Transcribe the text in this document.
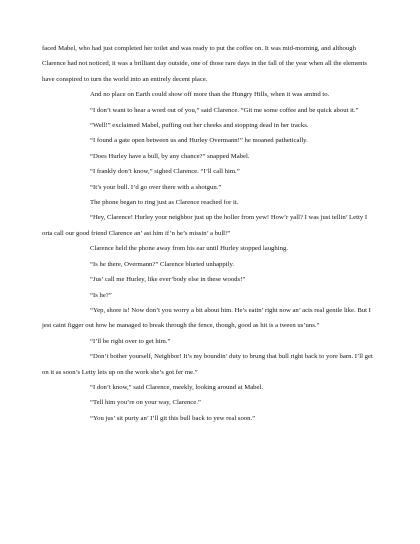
faced Mabel, who had just completed her toilet and was ready to put the coffee on. It was mid-morning, and although Clarence had not noticed, it was a brilliant day outside, one of those rare days in the fall of the year when all the elements have conspired to turn the world into an entirely decent place.

And no place on Earth could show off more than the Hungry Hills, when it was amind to.

“I don’t want to hear a word out of you,” said Clarence. “Git me some coffee and be quick about it.”

“Well!” exclaimed Mabel, puffing out her cheeks and stopping dead in her tracks.

“I found a gate open between us and Hurley Overmann!” he moaned pathetically.

“Does Hurley have a bull, by any chance?” snapped Mabel.

“I frankly don’t know,” sighed Clarence. “I’ll call him.”

“It’s your bull. I’d go over there with a shotgun.”

The phone began to ring just as Clarence reached for it.

“Hey, Clarence! Hurley your neighbor just up the holler from yew! How’r yall? I was just tellin’ Letty I orta call our good friend Clarence an’ ast him if’n he’s missin’ a bull!”

Clarence held the phone away from his ear until Hurley stopped laughing.

“Is he there, Overmann?” Clarence blurted unhappily.

“Jus’ call me Hurley, like ever’body else in these woods!”

“Is he?”

“Yep, shore is! Now don’t you worry a bit about him. He’s eatin’ right now an’ acts real gentle like. But I jest caint figger out how he managed to break through the fence, though, good as hit is a tween us’uns.”

“I’ll be right over to get him.”

“Don’t bother yourself, Neighbor! It’s my boundin’ duty to brung that bull right back to yore barn. I’ll get on it as soon’s Letty lets up on the work she’s got fer me.”

“I don’t know,” said Clarence, meekly, looking around at Mabel.

“Tell him you’re on your way, Clarence.”

“You jus’ sit purty an’ I’ll git this bull back to yew real soon.”
